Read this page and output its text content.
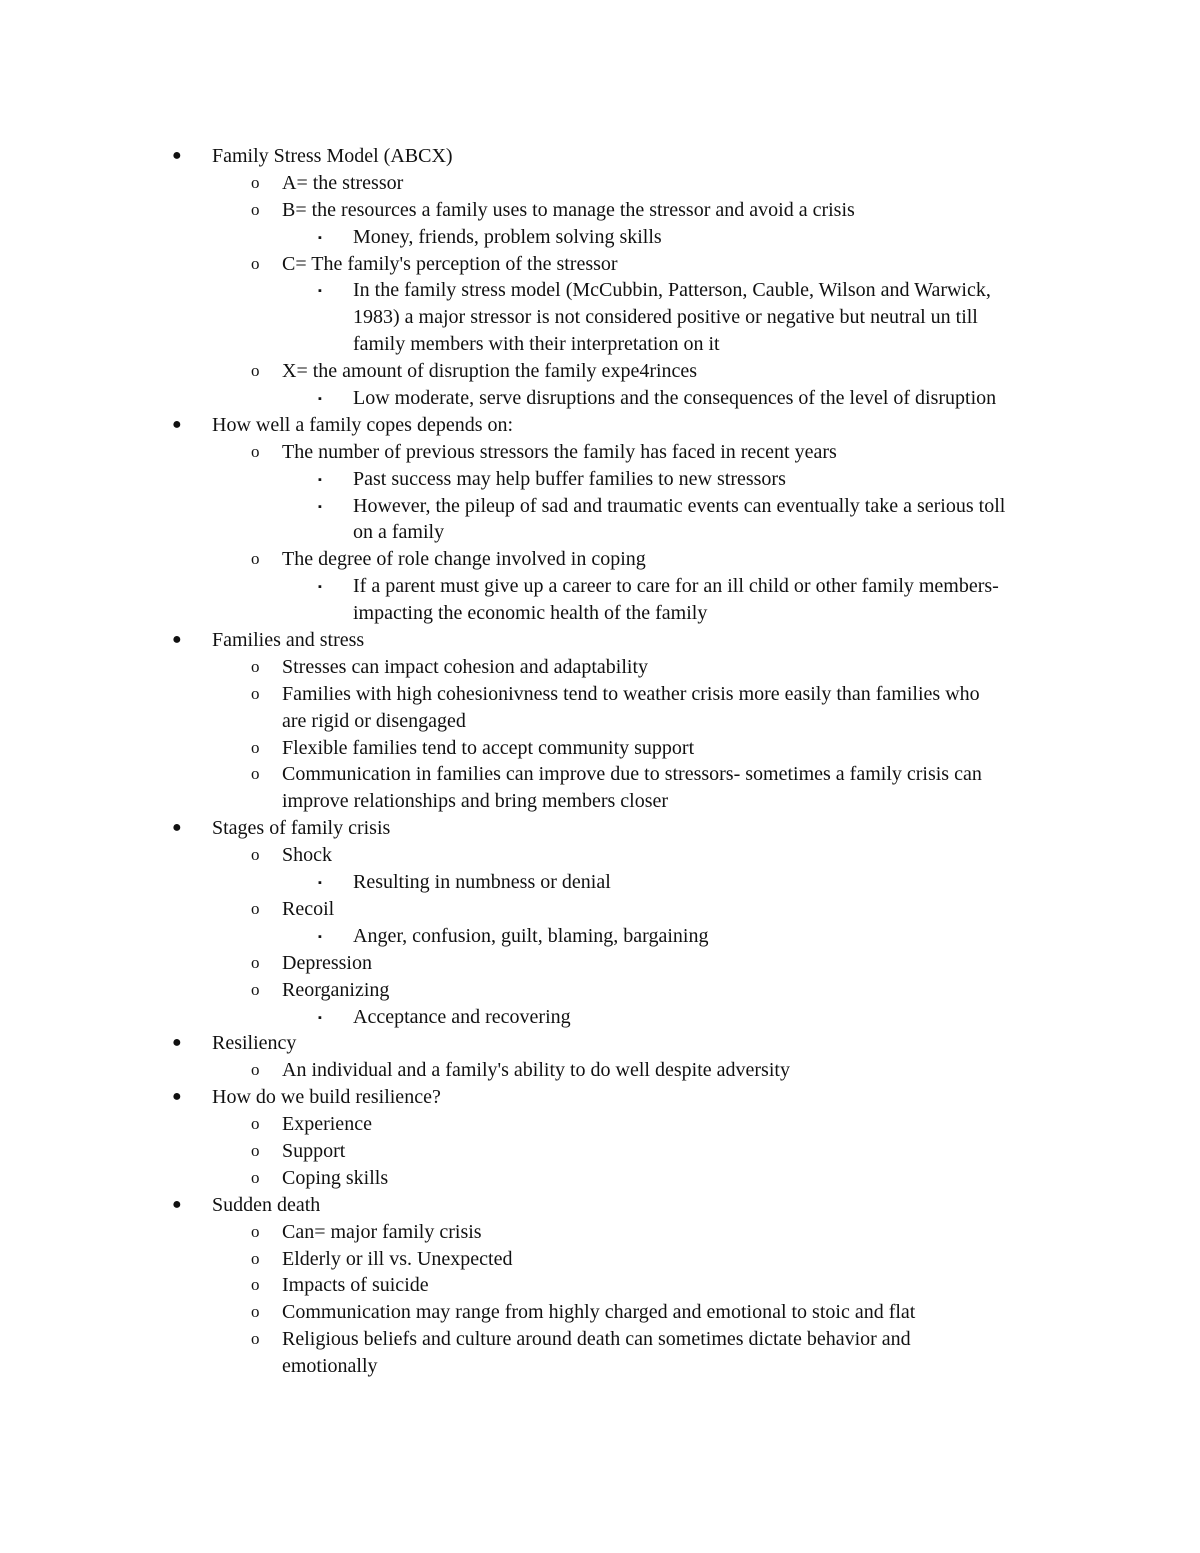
● Family Stress Model (ABCX)
o A= the stressor
o B= the resources a family uses to manage the stressor and avoid a crisis
▪ Money, friends, problem solving skills
o C= The family's perception of the stressor
▪ In the family stress model (McCubbin, Patterson, Cauble, Wilson and Warwick,
1983) a major stressor is not considered positive or negative but neutral un till
family members with their interpretation on it
o X= the amount of disruption the family expe4rinces
▪ Low moderate, serve disruptions and the consequences of the level of disruption
● How well a family copes depends on:
o The number of previous stressors the family has faced in recent years
▪ Past success may help buffer families to new stressors
▪ However, the pileup of sad and traumatic events can eventually take a serious toll
on a family
o The degree of role change involved in coping
▪ If a parent must give up a career to care for an ill child or other family members-
impacting the economic health of the family
● Families and stress
o Stresses can impact cohesion and adaptability
o Families with high cohesionivness tend to weather crisis more easily than families who
are rigid or disengaged
o Flexible families tend to accept community support
o Communication in families can improve due to stressors- sometimes a family crisis can
improve relationships and bring members closer
● Stages of family crisis
o Shock
▪ Resulting in numbness or denial
o Recoil
▪ Anger, confusion, guilt, blaming, bargaining
o Depression
o Reorganizing
▪ Acceptance and recovering
● Resiliency
o An individual and a family's ability to do well despite adversity
● How do we build resilience?
o Experience
o Support
o Coping skills
● Sudden death
o Can= major family crisis
o Elderly or ill vs. Unexpected
o Impacts of suicide
o Communication may range from highly charged and emotional to stoic and flat
o Religious beliefs and culture around death can sometimes dictate behavior and
emotionally
